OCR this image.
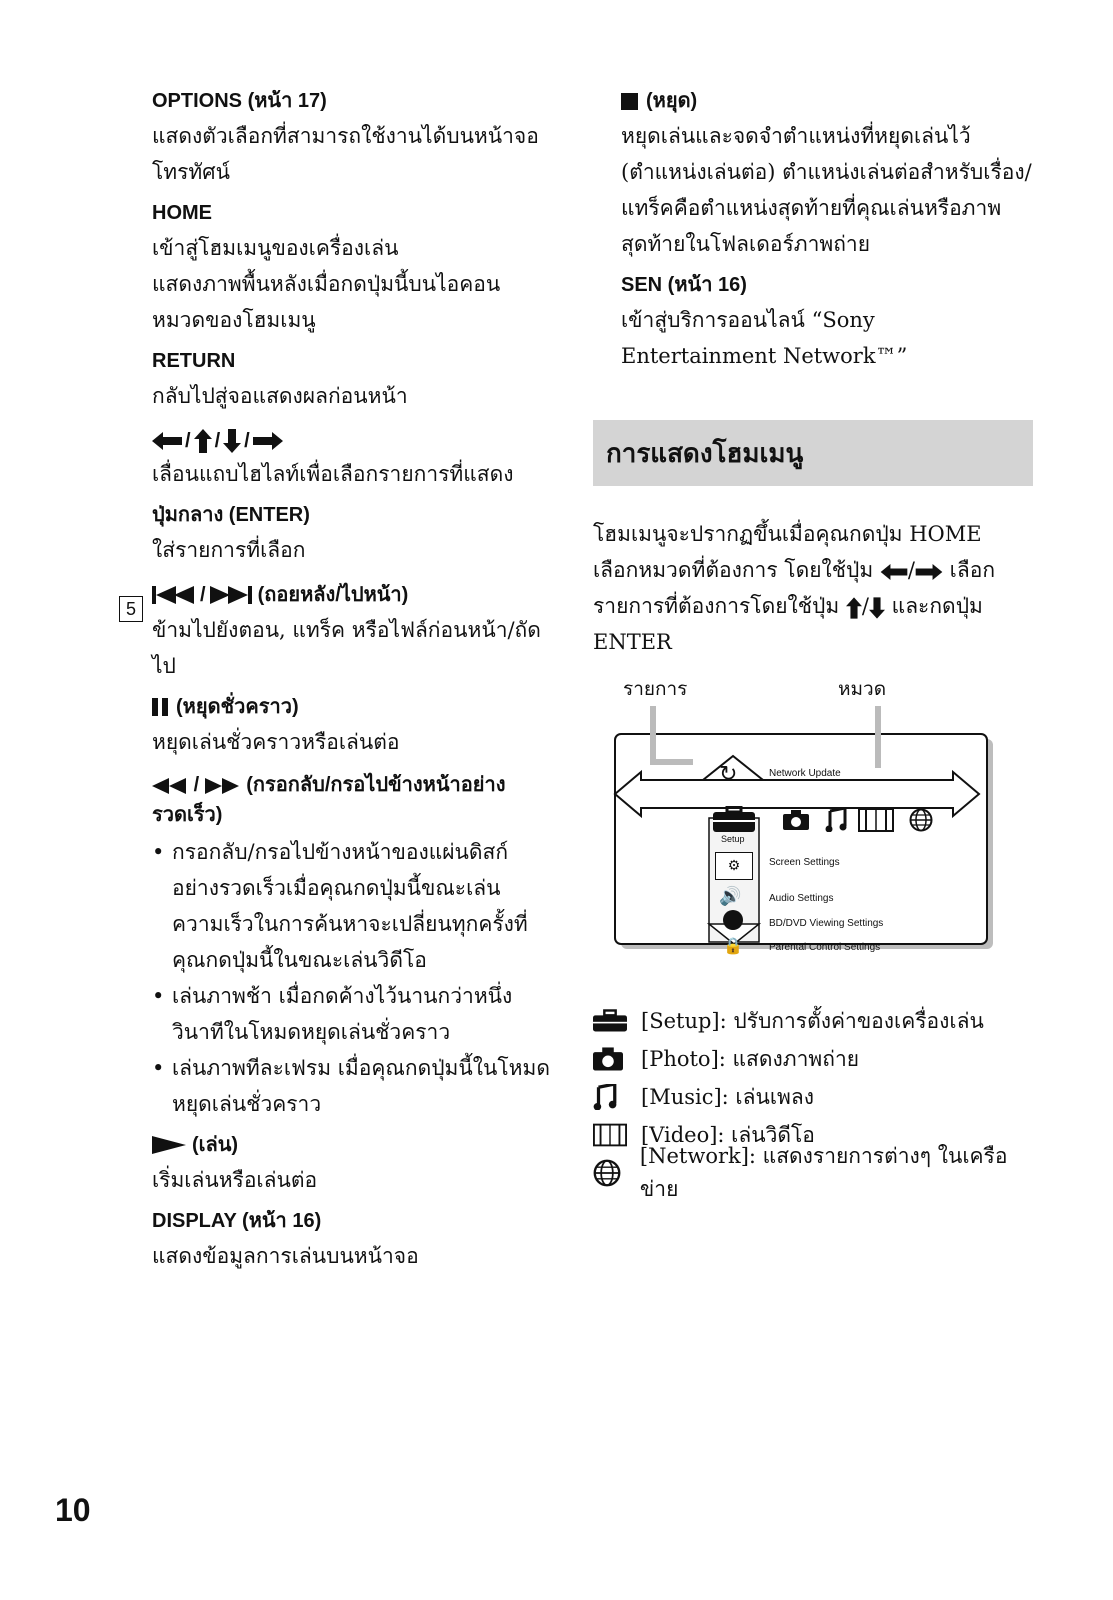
OPTIONS (หน้า 17)

แสดงตัวเลือกที่สามารถใช้งานได้บนหน้าจอโทรทัศน์

HOME

เข้าสู่โฮมเมนูของเครื่องเล่น

แสดงภาพพื้นหลังเมื่อกดปุ่มนี้บนไอคอนหมวดของโฮมเมนู

RETURN

กลับไปสู่จอแสดงผลก่อนหน้า

/ / /

เลื่อนแถบไฮไลท์เพื่อเลือกรายการที่แสดง

ปุ่มกลาง (ENTER)

ใส่รายการที่เลือก

5
/	(ถอยหลัง/ไปหน้า)

ข้ามไปยังตอน, แทร็ค หรือไฟล์ก่อนหน้า/ถัดไป

(หยุดชั่วคราว)

หยุดเล่นชั่วคราวหรือเล่นต่อ

/ (กรอกลับ/กรอไปข้างหน้าอย่างรวดเร็ว)
• กรอกลับ/กรอไปข้างหน้าของแผ่นดิสก์อย่างรวดเร็วเมื่อคุณกดปุ่มนี้ขณะเล่น ความเร็วในการค้นหาจะเปลี่ยนทุกครั้งที่คุณกดปุ่มนี้ในขณะเล่นวิดีโอ
• เล่นภาพช้า เมื่อกดค้างไว้นานกว่าหนึ่งวินาทีในโหมดหยุดเล่นชั่วคราว
• เล่นภาพทีละเฟรม เมื่อคุณกดปุ่มนี้ในโหมดหยุดเล่นชั่วคราว
(เล่น)

เริ่มเล่นหรือเล่นต่อ

DISPLAY (หน้า 16)

แสดงข้อมูลการเล่นบนหน้าจอ

(หยุด)

หยุดเล่นและจดจำตำแหน่งที่หยุดเล่นไว้ (ตำแหน่งเล่นต่อ) ตำแหน่งเล่นต่อสำหรับเรื่อง/แทร็คคือตำแหน่งสุดท้ายที่คุณเล่นหรือภาพสุดท้ายในโฟลเดอร์ภาพถ่าย

SEN (หน้า 16)

เข้าสู่บริการออนไลน์ “Sony Entertainment Network™”

การแสดงโฮมเมนู

โฮมเมนูจะปรากฏขึ้นเมื่อคุณกดปุ่ม HOME เลือกหมวดที่ต้องการ โดยใช้ปุ่ม / เลือกรายการที่ต้องการโดยใช้ปุ่ม / และกดปุ่ม ENTER

รายการ	หมวด
↻	Network Update
Setup
⚙
🔊
🔒
Screen Settings
Audio Settings
BD/DVD Viewing Settings
Parental Control Settings
[Setup]: ปรับการตั้งค่าของเครื่องเล่น
[Photo]: แสดงภาพถ่าย
[Music]: เล่นเพลง
[Video]: เล่นวิดีโอ
[Network]: แสดงรายการต่างๆ ในเครือข่าย
10
